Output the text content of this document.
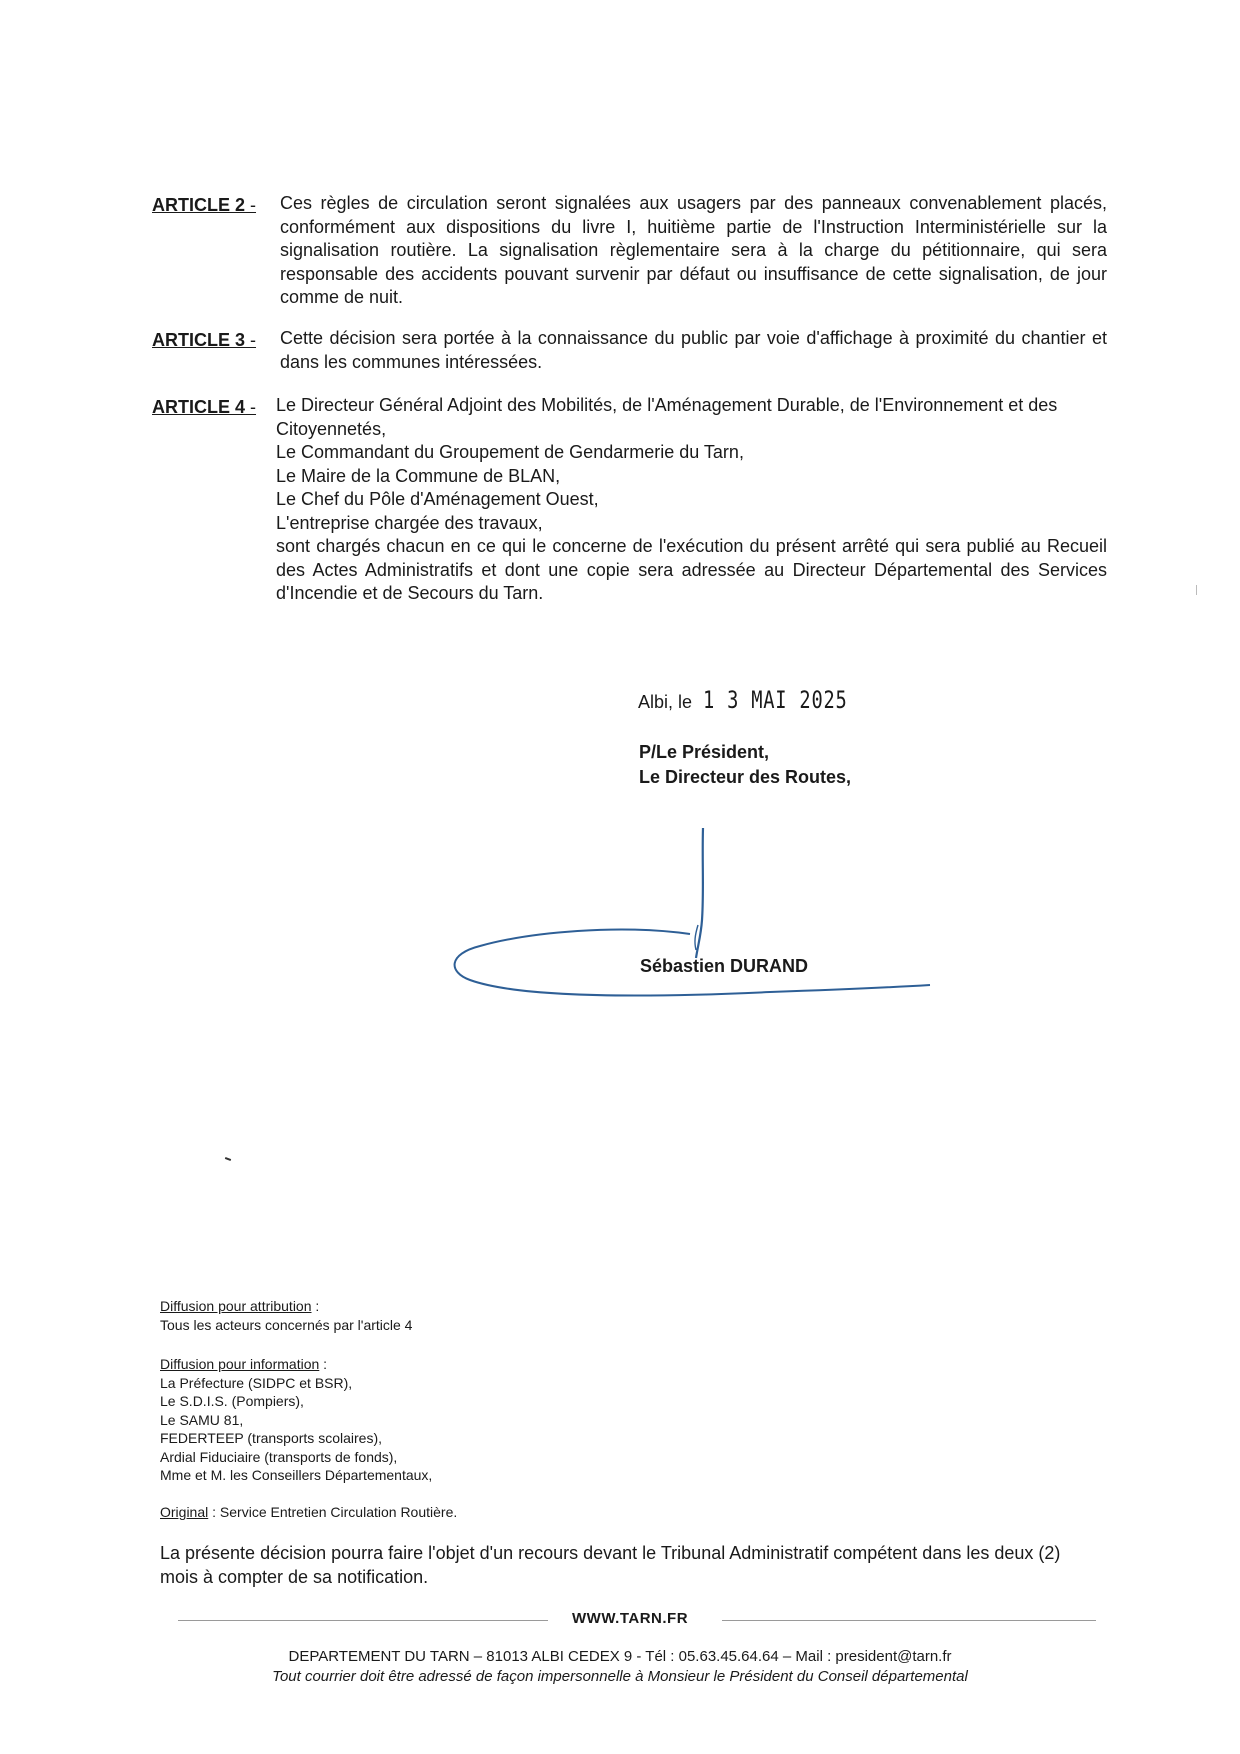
ARTICLE 2 - Ces règles de circulation seront signalées aux usagers par des panneaux convenablement placés, conformément aux dispositions du livre I, huitième partie de l'Instruction Interministérielle sur la signalisation routière. La signalisation règlementaire sera à la charge du pétitionnaire, qui sera responsable des accidents pouvant survenir par défaut ou insuffisance de cette signalisation, de jour comme de nuit.

ARTICLE 3 - Cette décision sera portée à la connaissance du public par voie d'affichage à proximité du chantier et dans les communes intéressées.

ARTICLE 4 - Le Directeur Général Adjoint des Mobilités, de l'Aménagement Durable, de l'Environnement et des Citoyennetés,

Le Commandant du Groupement de Gendarmerie du Tarn,

Le Maire de la Commune de BLAN,

Le Chef du Pôle d'Aménagement Ouest,

L'entreprise chargée des travaux,

sont chargés chacun en ce qui le concerne de l'exécution du présent arrêté qui sera publié au Recueil des Actes Administratifs et dont une copie sera adressée au Directeur Départemental des Services d'Incendie et de Secours du Tarn.

Albi, le 1 3 MAI 2025
P/Le Président,
Le Directeur des Routes,
Sébastien DURAND
Diffusion pour attribution :
Tous les acteurs concernés par l'article 4
Diffusion pour information :
La Préfecture (SIDPC et BSR),
Le S.D.I.S. (Pompiers),
Le SAMU 81,
FEDERTEEP (transports scolaires),
Ardial Fiduciaire (transports de fonds),
Mme et M. les Conseillers Départementaux,
Original : Service Entretien Circulation Routière.
La présente décision pourra faire l'objet d'un recours devant le Tribunal Administratif compétent dans les deux (2) mois à compter de sa notification.
WWW.TARN.FR
DEPARTEMENT DU TARN – 81013 ALBI CEDEX 9 - Tél : 05.63.45.64.64 – Mail : president@tarn.fr
Tout courrier doit être adressé de façon impersonnelle à Monsieur le Président du Conseil départemental
